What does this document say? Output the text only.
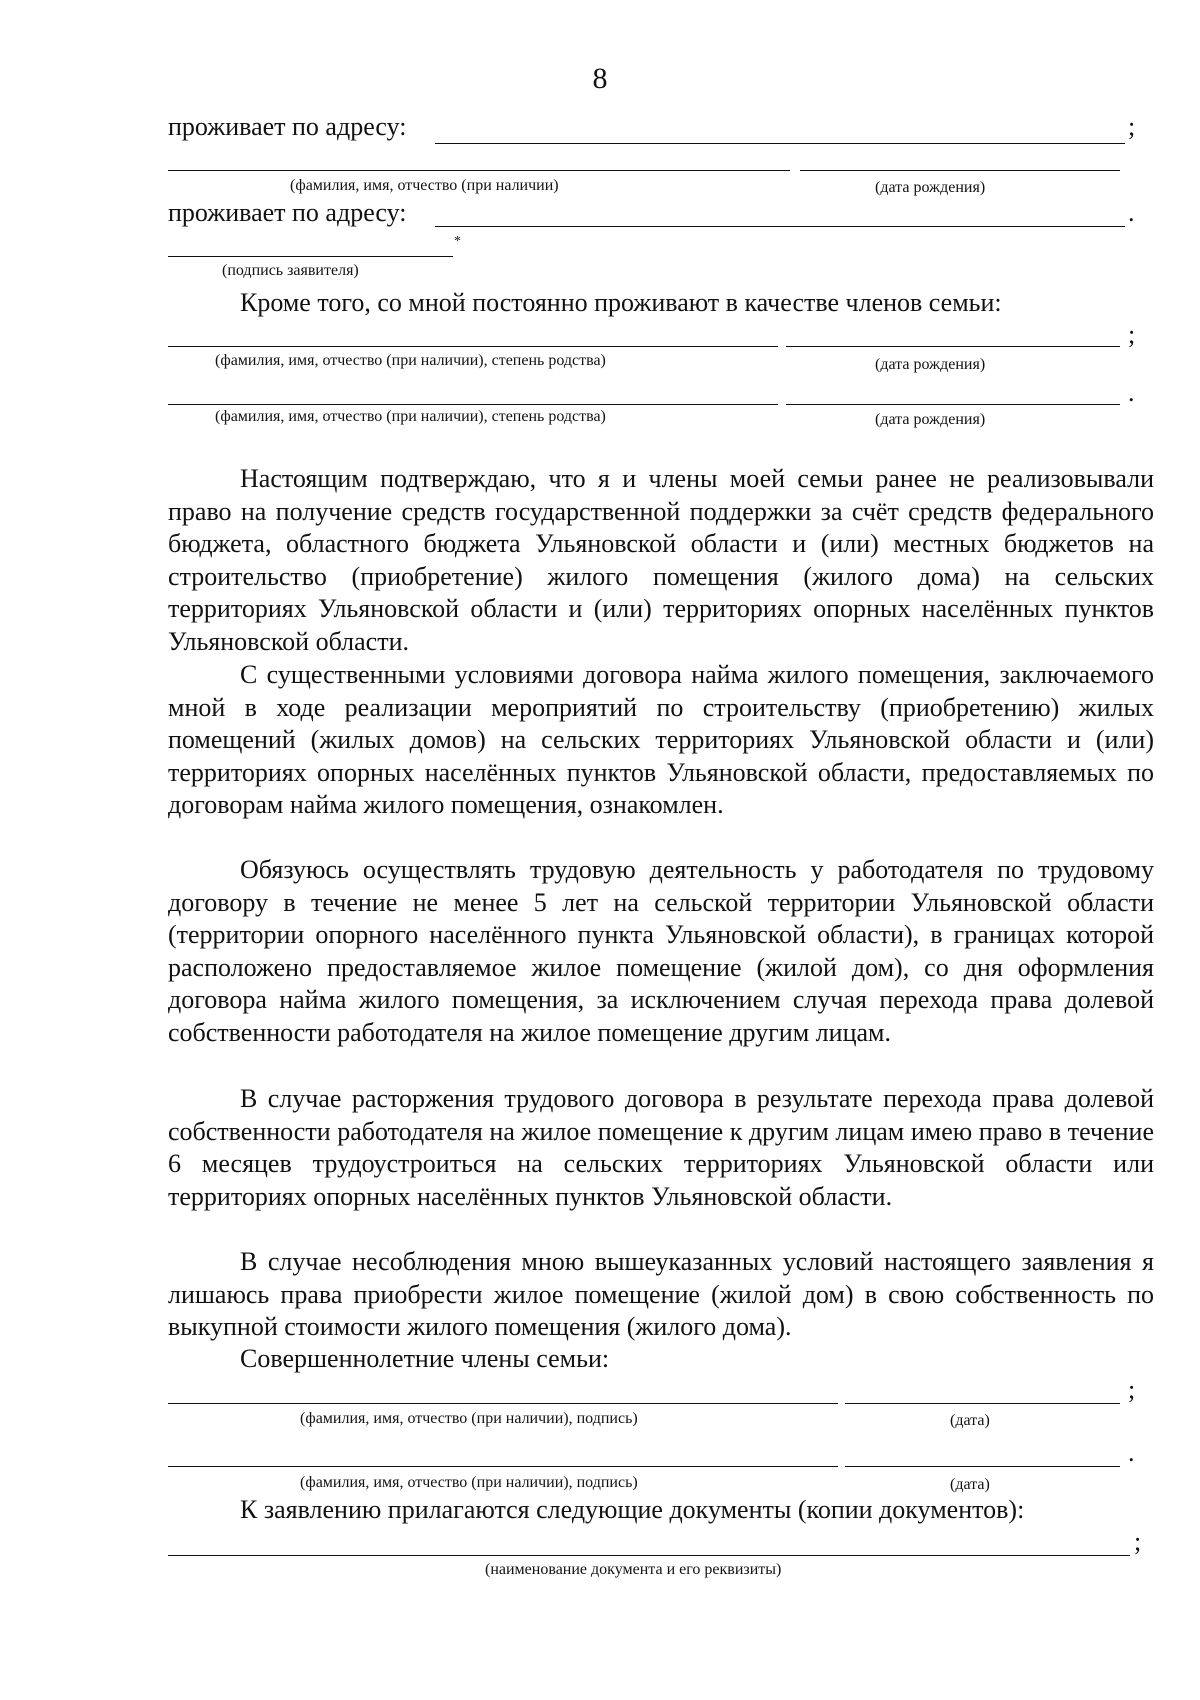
8
проживает по адресу:	;
(фамилия, имя, отчество (при наличии)	(дата рождения)
проживает по адресу:	.
*
(подпись заявителя)
Кроме того, со мной постоянно проживают в качестве членов семьи:
;
(фамилия, имя, отчество (при наличии), степень родства)	(дата рождения)
.
(фамилия, имя, отчество (при наличии), степень родства)	(дата рождения)
Настоящим подтверждаю, что я и члены моей семьи ранее не реализовывали право на получение средств государственной поддержки за счёт средств федерального бюджета, областного бюджета Ульяновской области и (или) местных бюджетов на строительство (приобретение) жилого помещения (жилого дома) на сельских территориях Ульяновской области и (или) территориях опорных населённых пунктов Ульяновской области.
С существенными условиями договора найма жилого помещения, заключаемого мной в ходе реализации мероприятий по строительству (приобретению) жилых помещений (жилых домов) на сельских территориях Ульяновской области и (или) территориях опорных населённых пунктов Ульяновской области, предоставляемых по договорам найма жилого помещения, ознакомлен.
Обязуюсь осуществлять трудовую деятельность у работодателя по трудовому договору в течение не менее 5 лет на сельской территории Ульяновской области (территории опорного населённого пункта Ульяновской области), в границах которой расположено предоставляемое жилое помещение (жилой дом), со дня оформления договора найма жилого помещения, за исключением случая перехода права долевой собственности работодателя на жилое помещение другим лицам.
В случае расторжения трудового договора в результате перехода права долевой собственности работодателя на жилое помещение к другим лицам имею право в течение 6 месяцев трудоустроиться на сельских территориях Ульяновской области или территориях опорных населённых пунктов Ульяновской области.
В случае несоблюдения мною вышеуказанных условий настоящего заявления я лишаюсь права приобрести жилое помещение (жилой дом) в свою собственность по выкупной стоимости жилого помещения (жилого дома).
Совершеннолетние члены семьи:
;
(фамилия, имя, отчество (при наличии), подпись)	(дата)
.
(фамилия, имя, отчество (при наличии), подпись)	(дата)
К заявлению прилагаются следующие документы (копии документов):
;
(наименование документа и его реквизиты)
